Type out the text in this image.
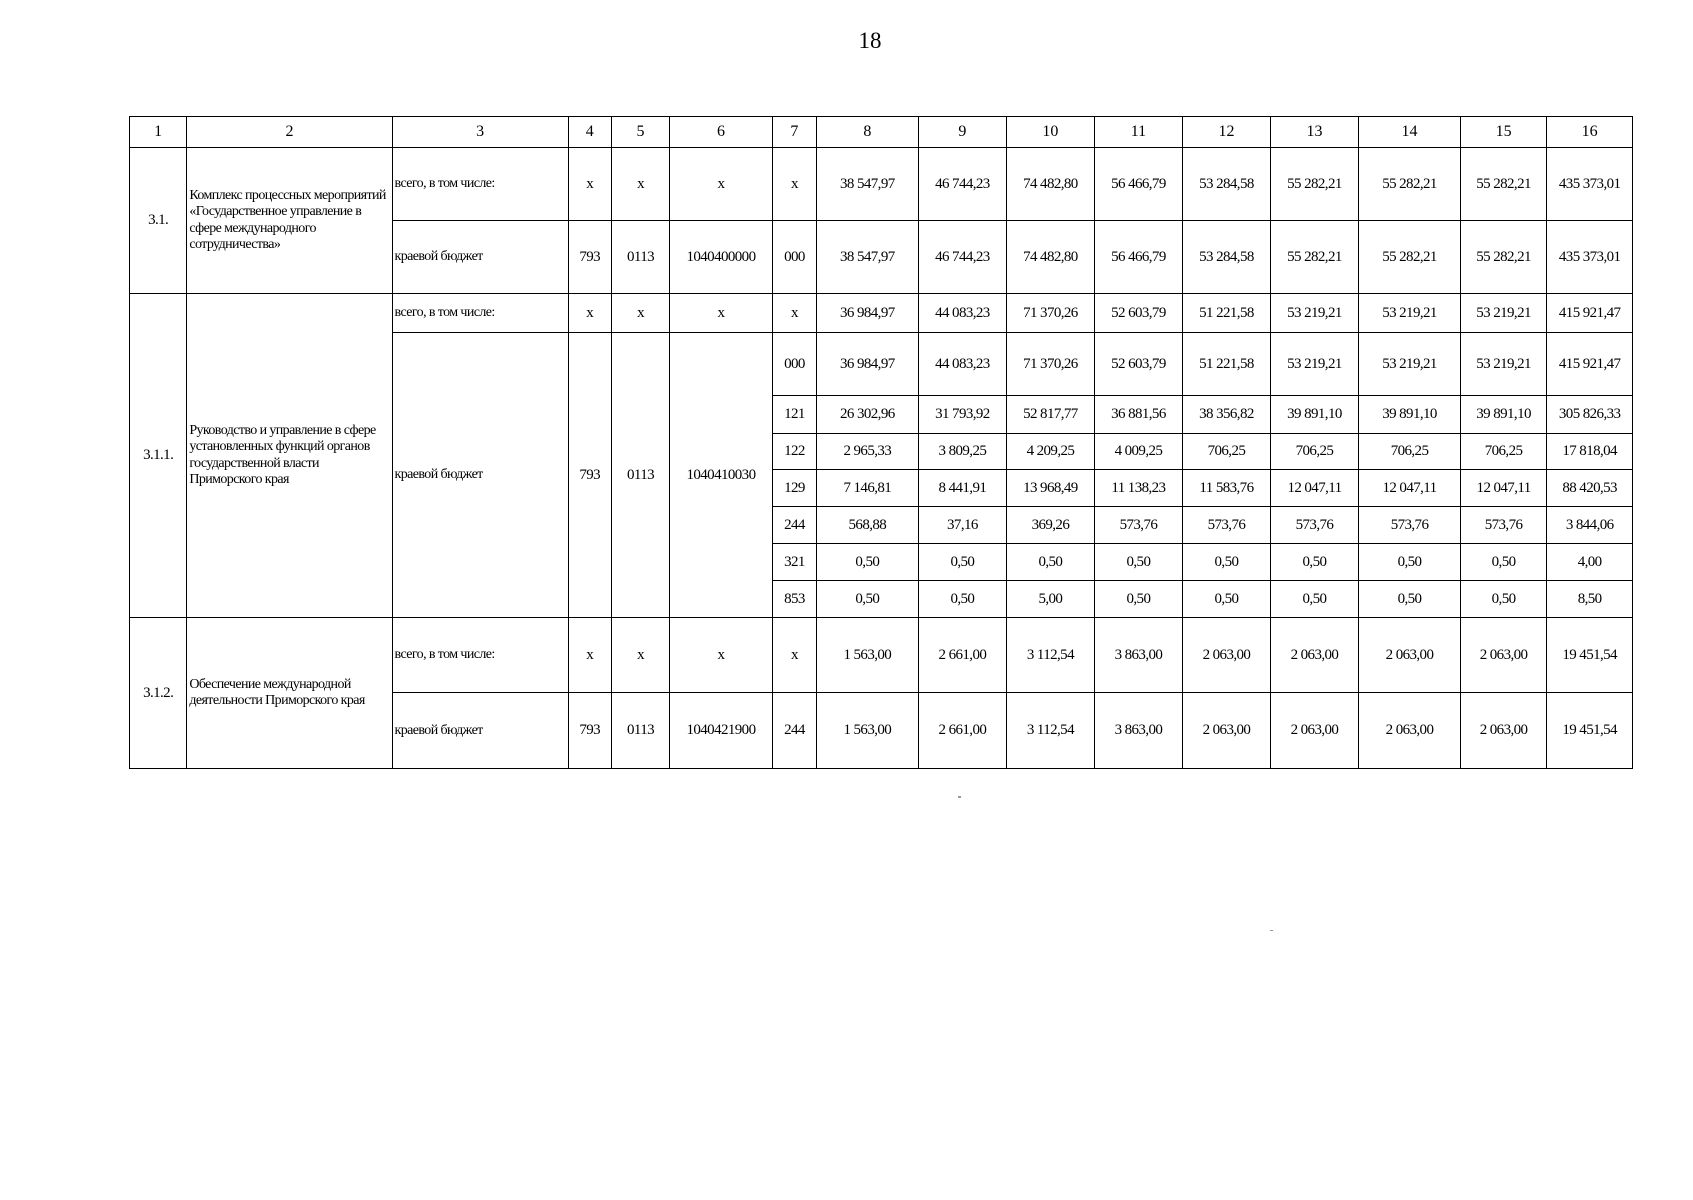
18
1	2	3	4	5	6	7	8	9	10	11	12	13	14	15	16
3.1.	Комплекс процессных мероприятий «Государственное управление в сфере международного сотрудничества»	всего, в том числе:	х	х	х	х	38 547,97	46 744,23	74 482,80	56 466,79	53 284,58	55 282,21	55 282,21	55 282,21	435 373,01
		краевой бюджет	793	0113	1040400000	000	38 547,97	46 744,23	74 482,80	56 466,79	53 284,58	55 282,21	55 282,21	55 282,21	435 373,01
3.1.1.	Руководство и управление в сфере установленных функций органов государственной власти Приморского края	всего, в том числе:	х	х	х	х	36 984,97	44 083,23	71 370,26	52 603,79	51 221,58	53 219,21	53 219,21	53 219,21	415 921,47
		краевой бюджет	793	0113	1040410030	000	36 984,97	44 083,23	71 370,26	52 603,79	51 221,58	53 219,21	53 219,21	53 219,21	415 921,47
						121	26 302,96	31 793,92	52 817,77	36 881,56	38 356,82	39 891,10	39 891,10	39 891,10	305 826,33
						122	2 965,33	3 809,25	4 209,25	4 009,25	706,25	706,25	706,25	706,25	17 818,04
						129	7 146,81	8 441,91	13 968,49	11 138,23	11 583,76	12 047,11	12 047,11	12 047,11	88 420,53
						244	568,88	37,16	369,26	573,76	573,76	573,76	573,76	573,76	3 844,06
						321	0,50	0,50	0,50	0,50	0,50	0,50	0,50	0,50	4,00
						853	0,50	0,50	5,00	0,50	0,50	0,50	0,50	0,50	8,50
3.1.2.	Обеспечение международной деятельности Приморского края	всего, в том числе:	х	х	х	х	1 563,00	2 661,00	3 112,54	3 863,00	2 063,00	2 063,00	2 063,00	2 063,00	19 451,54
		краевой бюджет	793	0113	1040421900	244	1 563,00	2 661,00	3 112,54	3 863,00	2 063,00	2 063,00	2 063,00	2 063,00	19 451,54
